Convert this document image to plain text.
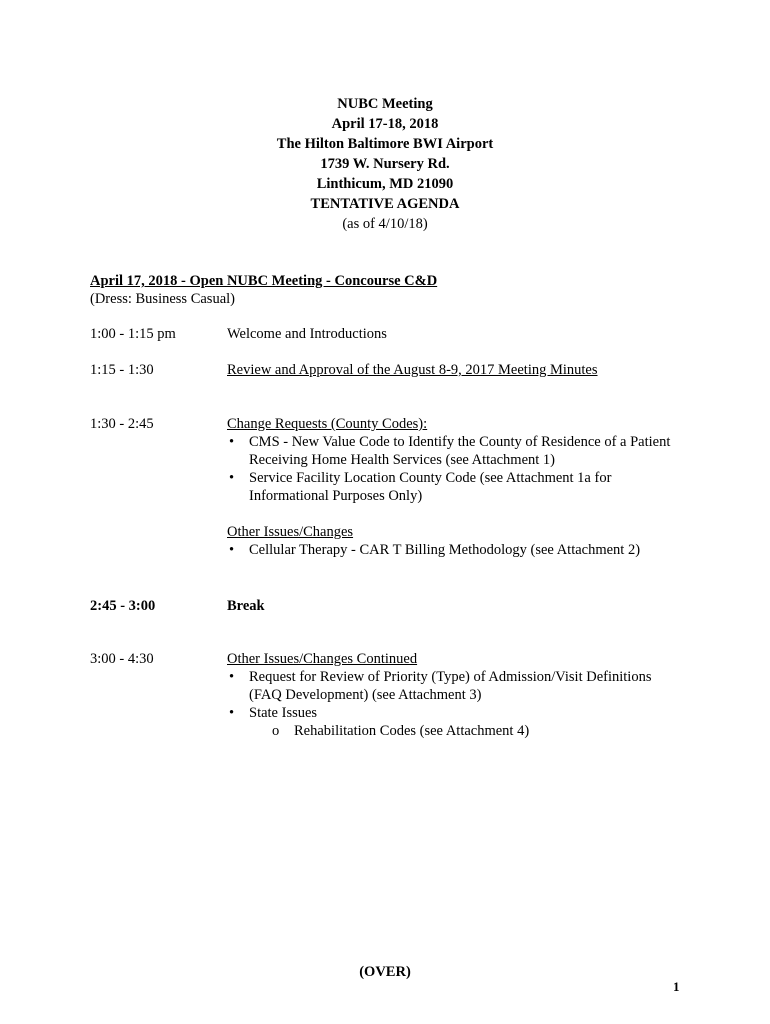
NUBC Meeting
April 17-18, 2018
The Hilton Baltimore BWI Airport
1739 W. Nursery Rd.
Linthicum, MD 21090
TENTATIVE AGENDA
(as of 4/10/18)
April 17, 2018 - Open NUBC Meeting - Concourse C&D
(Dress: Business Casual)
1:00 - 1:15 pm	Welcome and Introductions
1:15 - 1:30	Review and Approval of the August 8-9, 2017 Meeting Minutes
1:30 - 2:45	Change Requests (County Codes):
• CMS - New Value Code to Identify the County of Residence of a Patient Receiving Home Health Services (see Attachment 1)
• Service Facility Location County Code (see Attachment 1a for Informational Purposes Only)
Other Issues/Changes
• Cellular Therapy - CAR T Billing Methodology (see Attachment 2)
2:45 - 3:00	Break
3:00 - 4:30	Other Issues/Changes Continued
• Request for Review of Priority (Type) of Admission/Visit Definitions (FAQ Development) (see Attachment 3)
• State Issues
o Rehabilitation Codes (see Attachment 4)
(OVER)
1
